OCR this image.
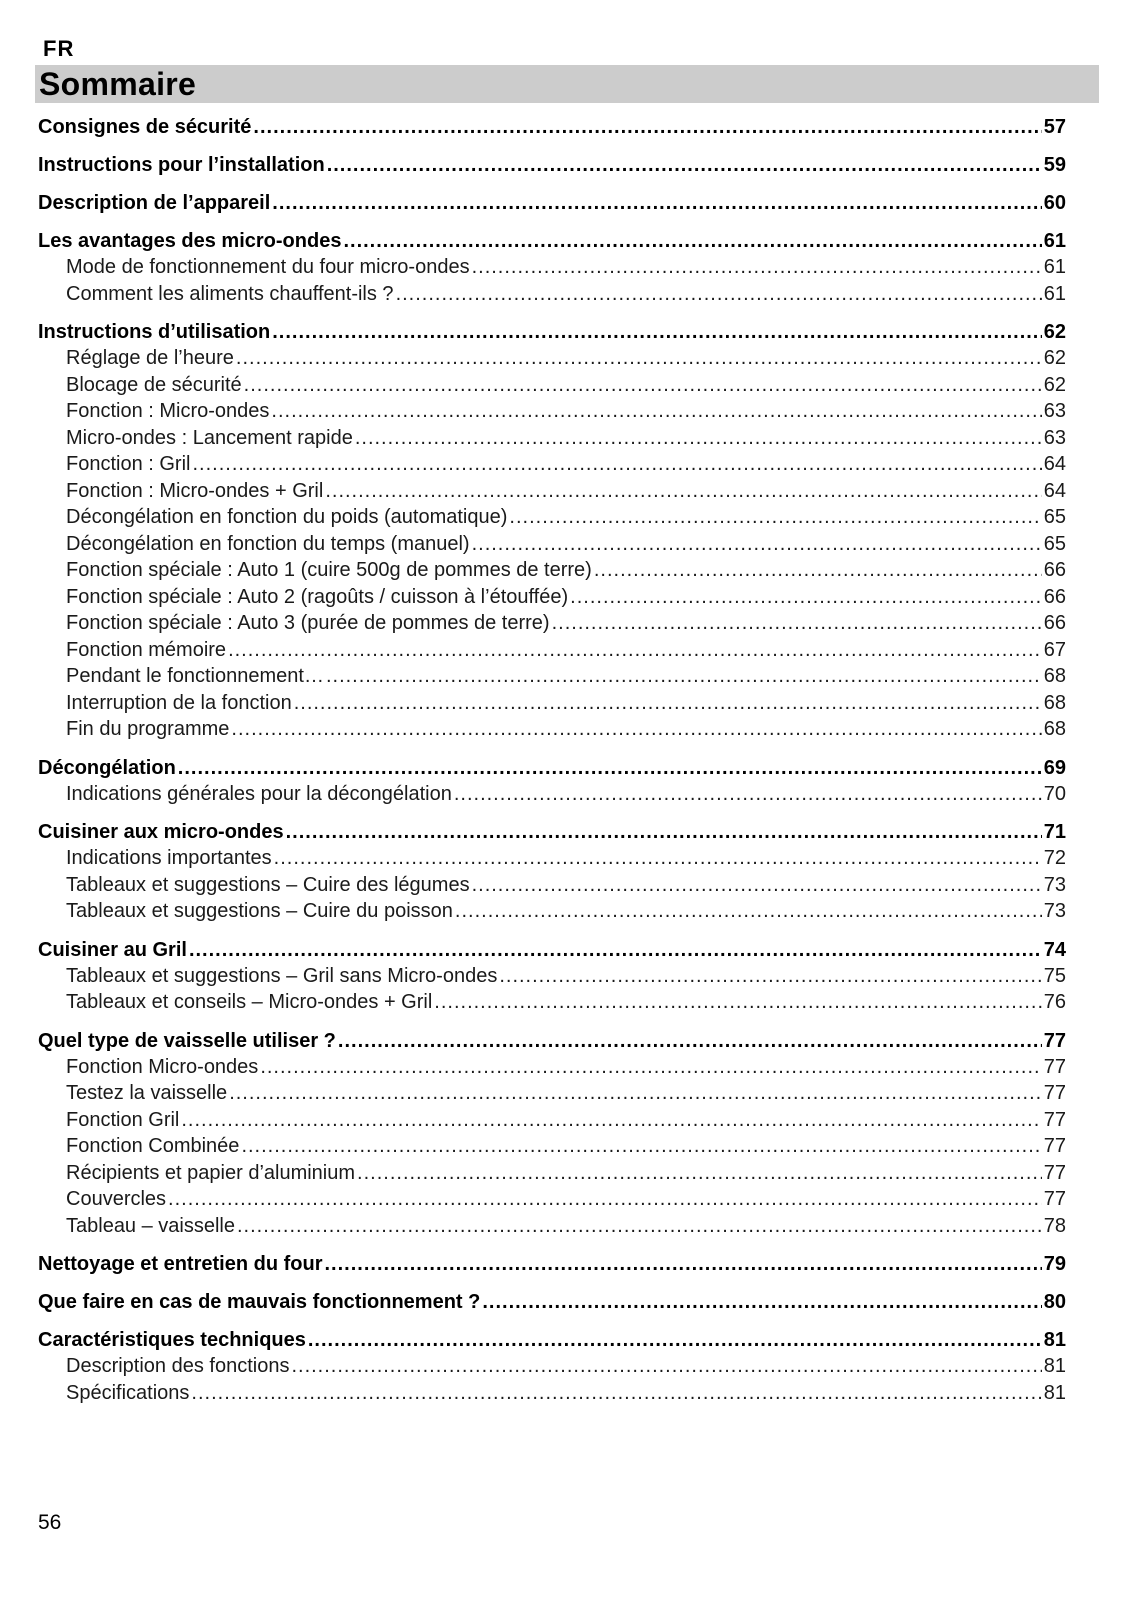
FR
Sommaire
Consignes de sécurité .....	57
Instructions pour l’installation .....	59
Description de l’appareil .....	60
Les avantages des micro-ondes .....	61
Mode de fonctionnement du four micro-ondes .....	61
Comment les aliments chauffent-ils ? .....	61
Instructions d’utilisation .....	62
Réglage de l’heure .....	62
Blocage de sécurité .....	62
Fonction : Micro-ondes .....	63
Micro-ondes : Lancement rapide .....	63
Fonction : Gril .....	64
Fonction : Micro-ondes + Gril .....	64
Décongélation en fonction du poids (automatique) .....	65
Décongélation en fonction du temps (manuel) .....	65
Fonction spéciale : Auto 1 (cuire 500g de pommes de terre) .....	66
Fonction spéciale : Auto 2 (ragoûts / cuisson à l’étouffée) .....	66
Fonction spéciale : Auto 3 (purée de pommes de terre) .....	66
Fonction mémoire .....	67
Pendant le fonctionnement… .....	68
Interruption de la fonction .....	68
Fin du programme .....	68
Décongélation .....	69
Indications générales pour la décongélation .....	70
Cuisiner aux micro-ondes .....	71
Indications importantes .....	72
Tableaux et suggestions – Cuire des légumes .....	73
Tableaux et suggestions – Cuire du poisson .....	73
Cuisiner au Gril .....	74
Tableaux et suggestions – Gril sans Micro-ondes .....	75
Tableaux et conseils – Micro-ondes + Gril .....	76
Quel type de vaisselle utiliser ? .....	77
Fonction Micro-ondes .....	77
Testez la vaisselle .....	77
Fonction Gril .....	77
Fonction Combinée .....	77
Récipients et papier d’aluminium .....	77
Couvercles .....	77
Tableau – vaisselle .....	78
Nettoyage et entretien du four .....	79
Que faire en cas de mauvais fonctionnement ? .....	80
Caractéristiques techniques .....	81
Description des fonctions .....	81
Spécifications .....	81
56
